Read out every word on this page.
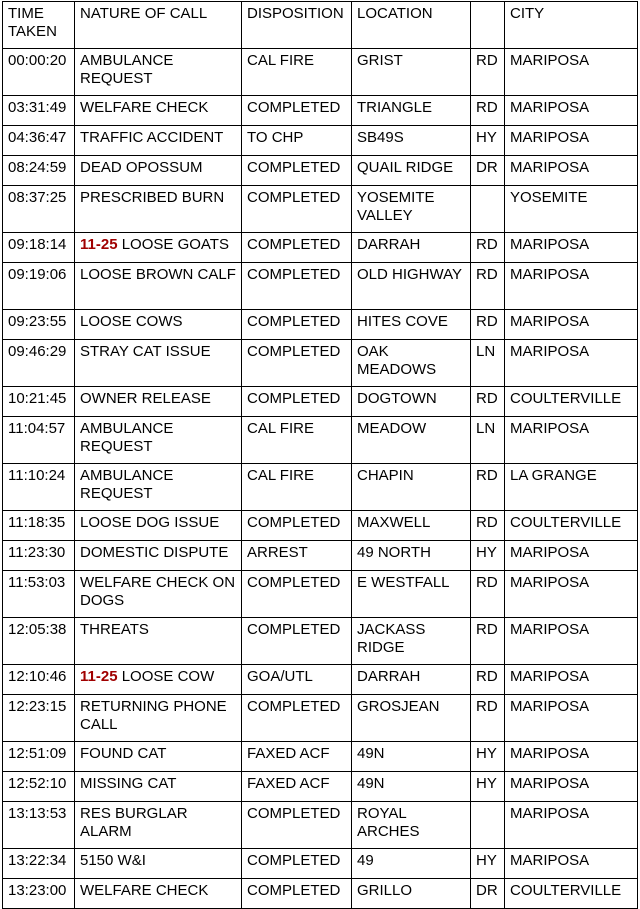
TIME TAKEN	NATURE OF CALL	DISPOSITION	LOCATION		CITY
00:00:20	AMBULANCE REQUEST	CAL FIRE	GRIST	RD	MARIPOSA
03:31:49	WELFARE CHECK	COMPLETED	TRIANGLE	RD	MARIPOSA
04:36:47	TRAFFIC ACCIDENT	TO CHP	SB49S	HY	MARIPOSA
08:24:59	DEAD OPOSSUM	COMPLETED	QUAIL RIDGE	DR	MARIPOSA
08:37:25	PRESCRIBED BURN	COMPLETED	YOSEMITE VALLEY		YOSEMITE
09:18:14	11-25 LOOSE GOATS	COMPLETED	DARRAH	RD	MARIPOSA
09:19:06	LOOSE BROWN CALF	COMPLETED	OLD HIGHWAY	RD	MARIPOSA
09:23:55	LOOSE COWS	COMPLETED	HITES COVE	RD	MARIPOSA
09:46:29	STRAY CAT ISSUE	COMPLETED	OAK MEADOWS	LN	MARIPOSA
10:21:45	OWNER RELEASE	COMPLETED	DOGTOWN	RD	COULTERVILLE
11:04:57	AMBULANCE REQUEST	CAL FIRE	MEADOW	LN	MARIPOSA
11:10:24	AMBULANCE REQUEST	CAL FIRE	CHAPIN	RD	LA GRANGE
11:18:35	LOOSE DOG ISSUE	COMPLETED	MAXWELL	RD	COULTERVILLE
11:23:30	DOMESTIC DISPUTE	ARREST	49 NORTH	HY	MARIPOSA
11:53:03	WELFARE CHECK ON DOGS	COMPLETED	E WESTFALL	RD	MARIPOSA
12:05:38	THREATS	COMPLETED	JACKASS RIDGE	RD	MARIPOSA
12:10:46	11-25 LOOSE COW	GOA/UTL	DARRAH	RD	MARIPOSA
12:23:15	RETURNING PHONE CALL	COMPLETED	GROSJEAN	RD	MARIPOSA
12:51:09	FOUND CAT	FAXED ACF	49N	HY	MARIPOSA
12:52:10	MISSING CAT	FAXED ACF	49N	HY	MARIPOSA
13:13:53	RES BURGLAR ALARM	COMPLETED	ROYAL ARCHES		MARIPOSA
13:22:34	5150 W&I	COMPLETED	49	HY	MARIPOSA
13:23:00	WELFARE CHECK	COMPLETED	GRILLO	DR	COULTERVILLE
